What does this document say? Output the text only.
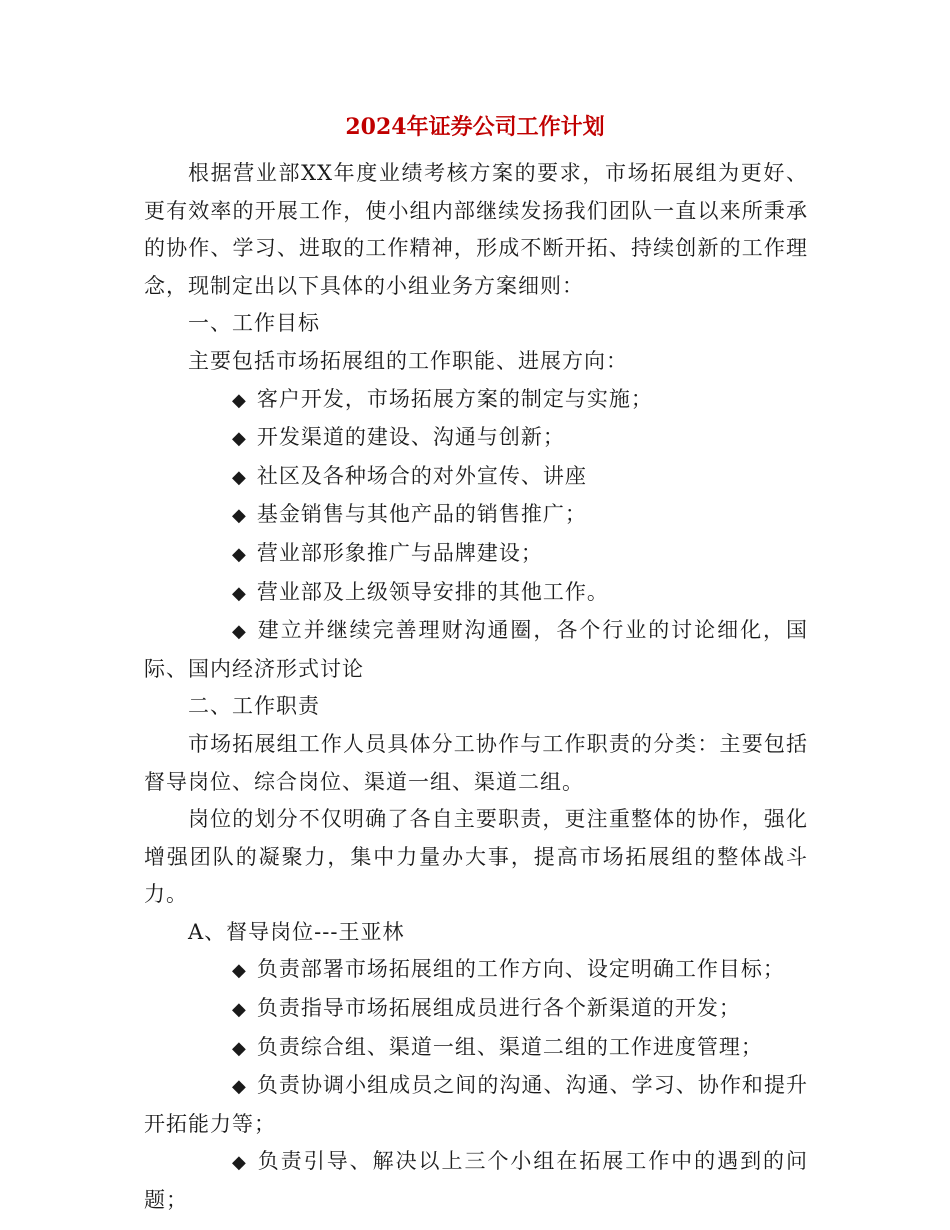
2024年证券公司工作计划

根据营业部XX年度业绩考核方案的要求，市场拓展组为更好、更有效率的开展工作，使小组内部继续发扬我们团队一直以来所秉承的协作、学习、进取的工作精神，形成不断开拓、持续创新的工作理念，现制定出以下具体的小组业务方案细则：

一、工作目标

主要包括市场拓展组的工作职能、进展方向：

◆ 客户开发，市场拓展方案的制定与实施；

◆ 开发渠道的建设、沟通与创新；

◆ 社区及各种场合的对外宣传、讲座

◆ 基金销售与其他产品的销售推广；

◆ 营业部形象推广与品牌建设；

◆ 营业部及上级领导安排的其他工作。

◆ 建立并继续完善理财沟通圈，各个行业的讨论细化，国际、国内经济形式讨论

二、工作职责

市场拓展组工作人员具体分工协作与工作职责的分类：主要包括督导岗位、综合岗位、渠道一组、渠道二组。

岗位的划分不仅明确了各自主要职责，更注重整体的协作，强化增强团队的凝聚力，集中力量办大事，提高市场拓展组的整体战斗力。

A、督导岗位---王亚林

◆ 负责部署市场拓展组的工作方向、设定明确工作目标；

◆ 负责指导市场拓展组成员进行各个新渠道的开发；

◆ 负责综合组、渠道一组、渠道二组的工作进度管理；

◆ 负责协调小组成员之间的沟通、沟通、学习、协作和提升开拓能力等；

◆ 负责引导、解决以上三个小组在拓展工作中的遇到的问题；
